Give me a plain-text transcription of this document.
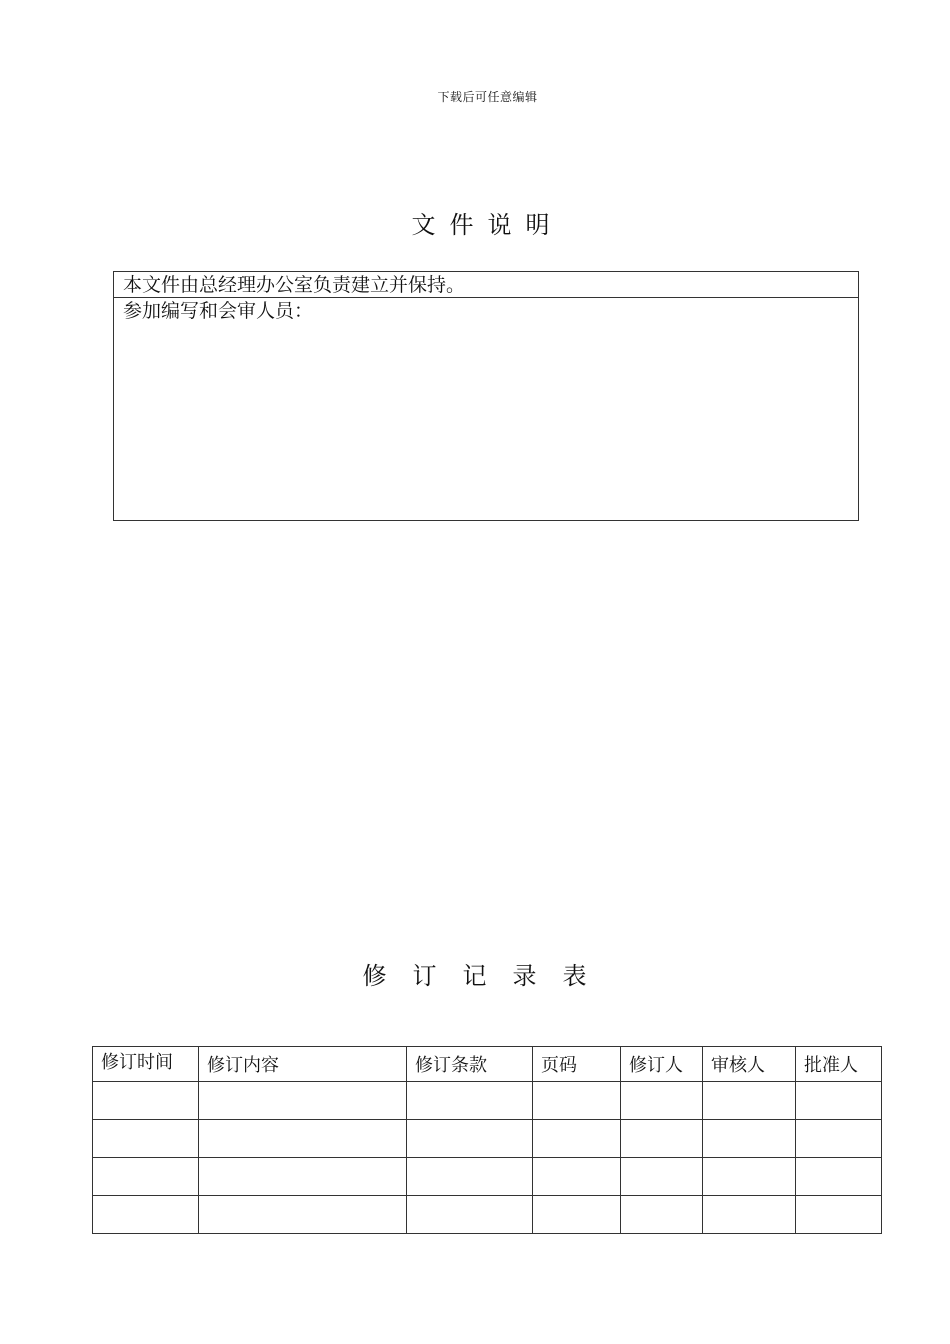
下载后可任意编辑
文件说明
本文件由总经理办公室负责建立并保持。
参加编写和会审人员：
修订记录表
修订时间	修订内容	修订条款	页码	修订人	审核人	批准人
